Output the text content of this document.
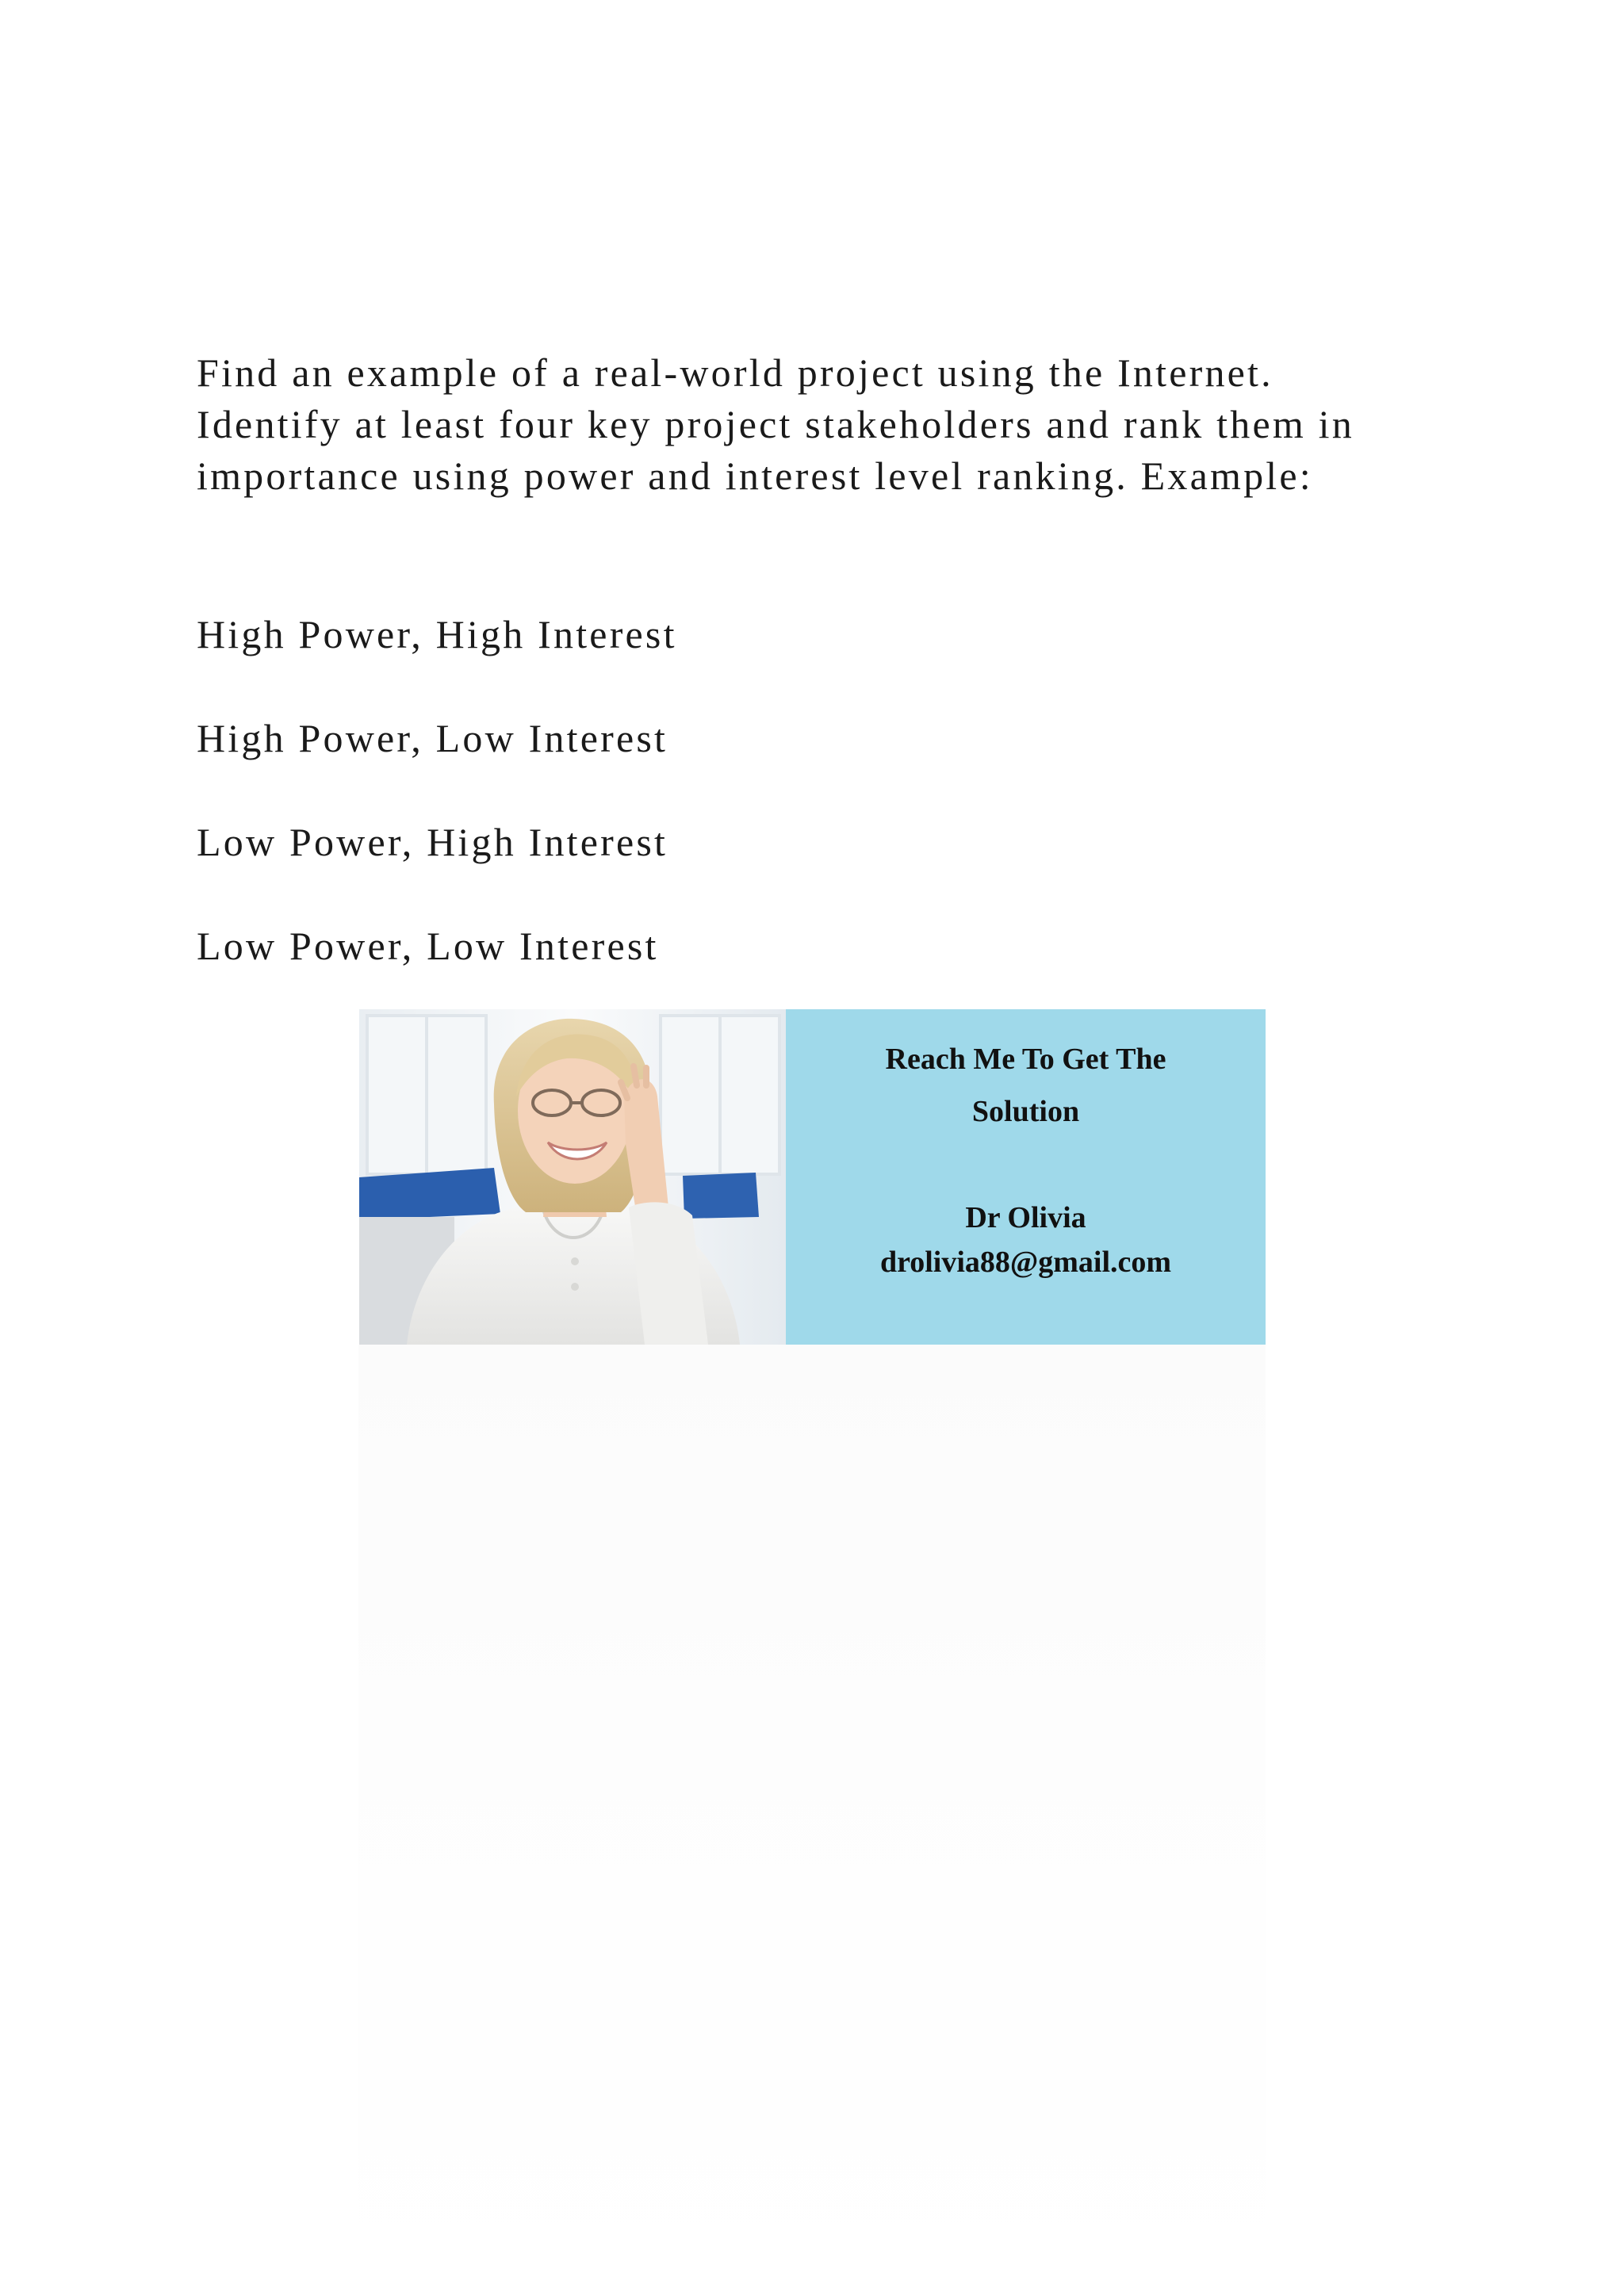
Find an example of a real-world project using the Internet.
Identify at least four key project stakeholders and rank them in
importance using power and interest level ranking. Example:

High Power, High Interest
High Power, Low Interest
Low Power, High Interest
Low Power, Low Interest
Reach Me To Get The
Solution
Dr Olivia
drolivia88@gmail.com
